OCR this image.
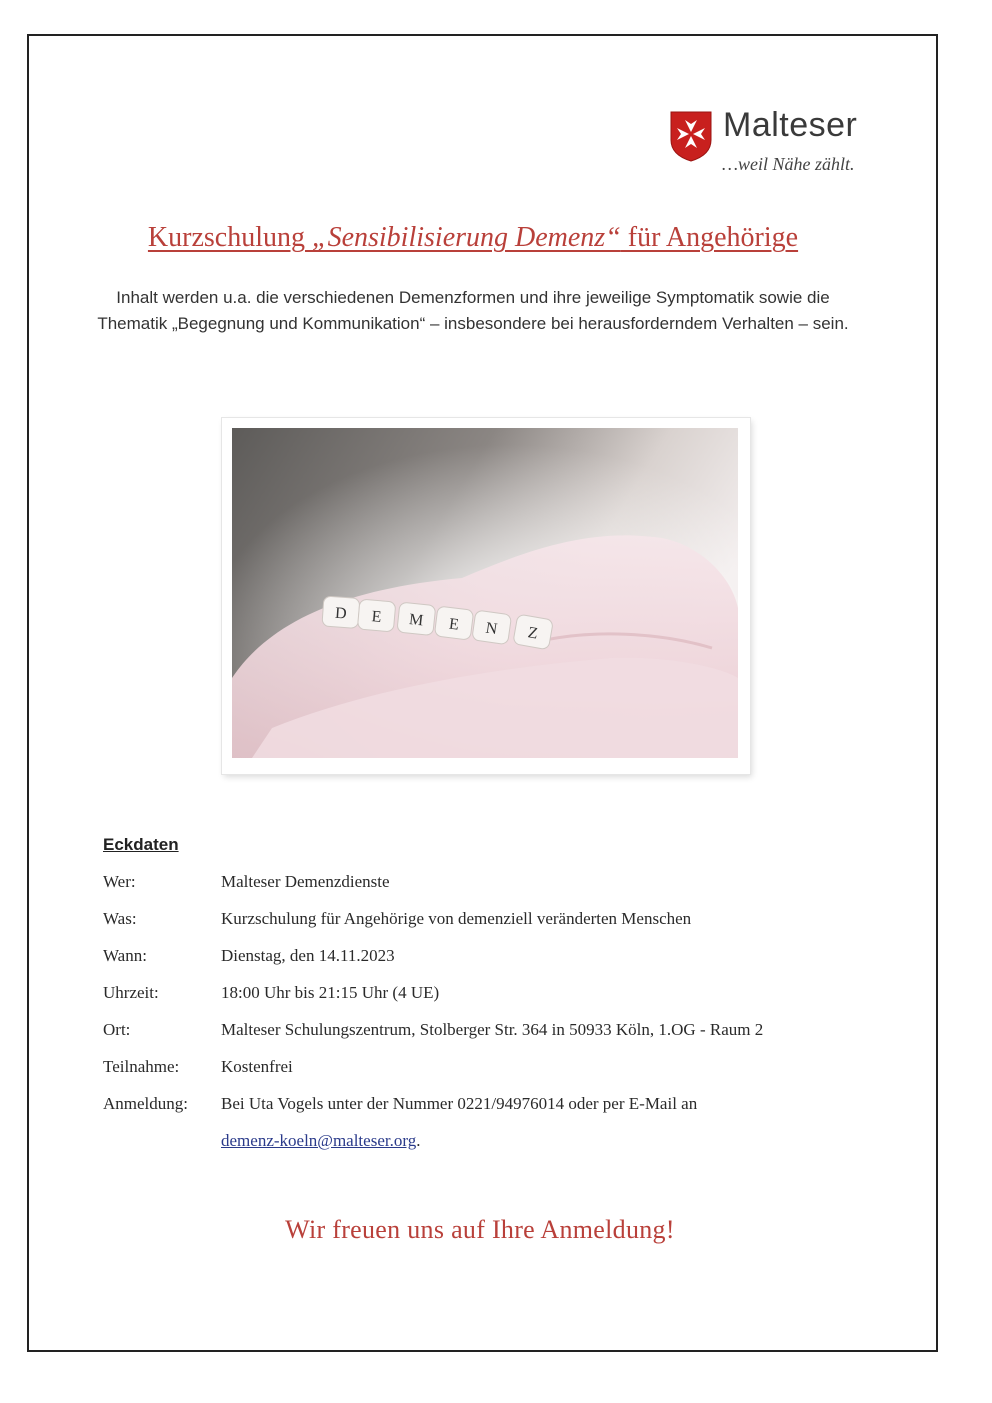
Malteser
…weil Nähe zählt.
Kurzschulung „Sensibilisierung Demenz“ für Angehörige
Inhalt werden u.a. die verschiedenen Demenzformen und ihre jeweilige Symptomatik sowie die Thematik „Begegnung und Kommunikation“ – insbesondere bei herausforderndem Verhalten – sein.
D E M E N Z
Eckdaten
Wer:	Malteser Demenzdienste
Was:	Kurzschulung für Angehörige von demenziell veränderten Menschen
Wann:	Dienstag, den 14.11.2023
Uhrzeit:	18:00 Uhr bis 21:15 Uhr (4 UE)
Ort:	Malteser Schulungszentrum, Stolberger Str. 364 in 50933 Köln, 1.OG - Raum 2
Teilnahme: Kostenfrei
Anmeldung: Bei Uta Vogels unter der Nummer 0221/94976014 oder per E-Mail an
demenz-koeln@malteser.org.
Wir freuen uns auf Ihre Anmeldung!
